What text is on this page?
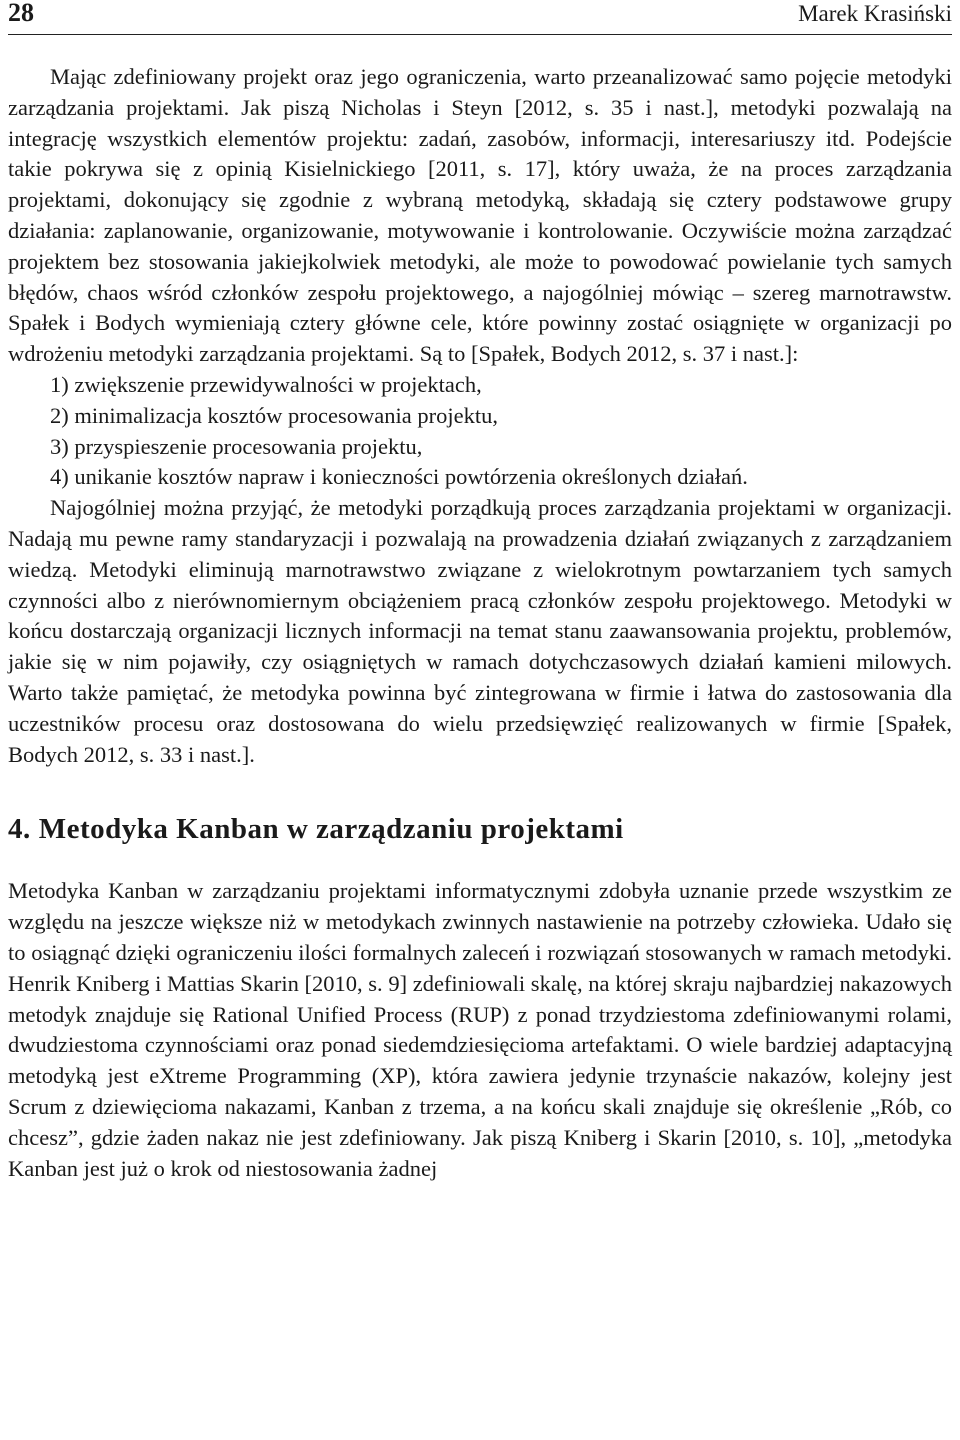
28	Marek Krasiński

Mając zdefiniowany projekt oraz jego ograniczenia, warto przeanalizować samo pojęcie metodyki zarządzania projektami. Jak piszą Nicholas i Steyn [2012, s. 35 i nast.], metodyki pozwalają na integrację wszystkich elementów projektu: zadań, zasobów, informacji, interesariuszy itd. Podejście takie pokrywa się z opinią Kisielnickiego [2011, s. 17], który uważa, że na proces zarządzania projektami, dokonujący się zgodnie z wybraną metodyką, składają się cztery podstawowe grupy działania: zaplanowanie, organizowanie, motywowanie i kontrolowanie. Oczywiście można zarządzać projektem bez stosowania jakiejkolwiek metodyki, ale może to powodować powielanie tych samych błędów, chaos wśród członków zespołu projektowego, a najogólniej mówiąc – szereg marnotrawstw. Spałek i Bodych wymieniają cztery główne cele, które powinny zostać osiągnięte w organizacji po wdrożeniu metodyki zarządzania projektami. Są to [Spałek, Bodych 2012, s. 37 i nast.]:

1) zwiększenie przewidywalności w projektach,
2) minimalizacja kosztów procesowania projektu,
3) przyspieszenie procesowania projektu,
4) unikanie kosztów napraw i konieczności powtórzenia określonych działań.

Najogólniej można przyjąć, że metodyki porządkują proces zarządzania projektami w organizacji. Nadają mu pewne ramy standaryzacji i pozwalają na prowadzenia działań związanych z zarządzaniem wiedzą. Metodyki eliminują marnotrawstwo związane z wielokrotnym powtarzaniem tych samych czynności albo z nierównomiernym obciążeniem pracą członków zespołu projektowego. Metodyki w końcu dostarczają organizacji licznych informacji na temat stanu zaawansowania projektu, problemów, jakie się w nim pojawiły, czy osiągniętych w ramach dotychczasowych działań kamieni milowych. Warto także pamiętać, że metodyka powinna być zintegrowana w firmie i łatwa do zastosowania dla uczestników procesu oraz dostosowana do wielu przedsięwzięć realizowanych w firmie [Spałek, Bodych 2012, s. 33 i nast.].

4. Metodyka Kanban w zarządzaniu projektami

Metodyka Kanban w zarządzaniu projektami informatycznymi zdobyła uznanie przede wszystkim ze względu na jeszcze większe niż w metodykach zwinnych nastawienie na potrzeby człowieka. Udało się to osiągnąć dzięki ograniczeniu ilości formalnych zaleceń i rozwiązań stosowanych w ramach metodyki. Henrik Kniberg i Mattias Skarin [2010, s. 9] zdefiniowali skalę, na której skraju najbardziej nakazowych metodyk znajduje się Rational Unified Process (RUP) z ponad trzydziestoma zdefiniowanymi rolami, dwudziestoma czynnościami oraz ponad siedemdziesięcioma artefaktami. O wiele bardziej adaptacyjną metodyką jest eXtreme Programming (XP), która zawiera jedynie trzynaście nakazów, kolejny jest Scrum z dziewięcioma nakazami, Kanban z trzema, a na końcu skali znajduje się określenie „Rób, co chcesz”, gdzie żaden nakaz nie jest zdefiniowany. Jak piszą Kniberg i Skarin [2010, s. 10], „metodyka Kanban jest już o krok od niestosowania żadnej
